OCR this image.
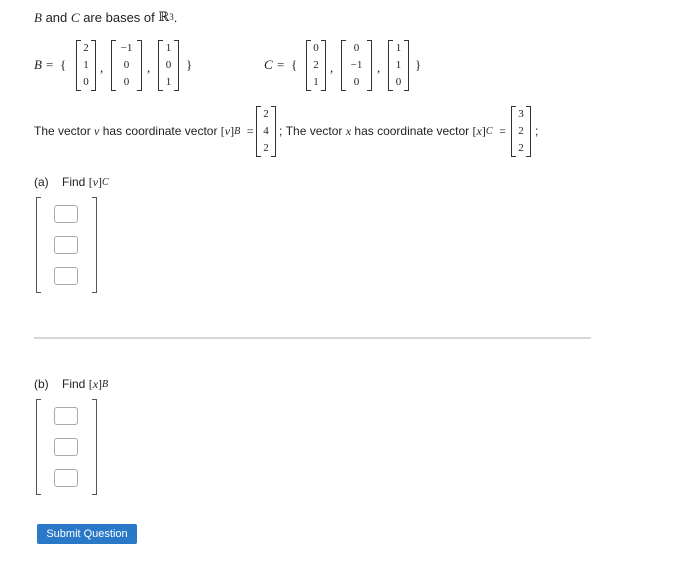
B
and
C
are bases of
ℝ 3 .
B = {
2
1
0
,
−1
0
0
,
1
0
1
}	C = {
0
2
1
,
0
−1
0
,
1
1
0
}
The vector
v
has coordinate vector
[ v ] B
=
2
4
2
;
The vector
x
has coordinate vector
[ x ] C
=
3
2
2
;
(a)
Find
[ v ] C
(b)
Find
[ x ] B
Submit Question
